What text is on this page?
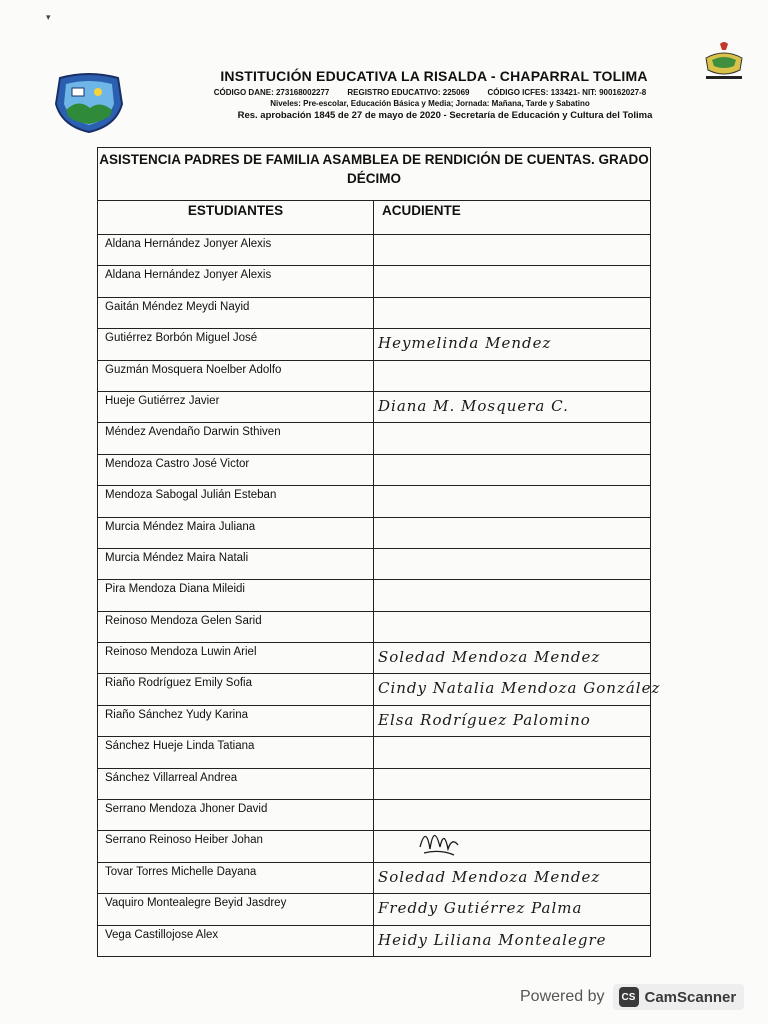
▾
INSTITUCIÓN EDUCATIVA LA RISALDA - CHAPARRAL TOLIMA
CÓDIGO DANE: 273168002277 REGISTRO EDUCATIVO: 225069 CÓDIGO ICFES: 133421- NIT: 900162027-8
Niveles: Pre-escolar, Educación Básica y Media; Jornada: Mañana, Tarde y Sabatino
Res. aprobación 1845 de 27 de mayo de 2020 - Secretaría de Educación y Cultura del Tolima
ASISTENCIA PADRES DE FAMILIA ASAMBLEA DE RENDICIÓN DE CUENTAS. GRADO DÉCIMO	
ESTUDIANTES	ACUDIENTE
Aldana Hernández Jonyer Alexis	
Aldana Hernández Jonyer Alexis	
Gaitán Méndez Meydi Nayid	
Gutiérrez Borbón Miguel José	Heymelinda Mendez

Guzmán Mosquera Noelber Adolfo	
Hueje Gutiérrez Javier	Diana M. Mosquera C.

Méndez Avendaño Darwin Sthiven	
Mendoza Castro José Victor	
Mendoza Sabogal Julián Esteban	
Murcia Méndez Maira Juliana	
Murcia Méndez Maira Natali	
Pira Mendoza Diana Mileidi	
Reinoso Mendoza Gelen Sarid	
Reinoso Mendoza Luwin Ariel	Soledad Mendoza Mendez

Riaño Rodríguez Emily Sofia	Cindy Natalia Mendoza González

Riaño Sánchez Yudy Karina	Elsa Rodríguez Palomino

Sánchez Hueje Linda Tatiana	
Sánchez Villarreal Andrea	
Serrano Mendoza Jhoner David	
Serrano Reinoso Heiber Johan	

Tovar Torres Michelle Dayana	Soledad Mendoza Mendez

Vaquiro Montealegre Beyid Jasdrey	Freddy Gutiérrez Palma

Vega Castillojose Alex	Heidy Liliana Montealegre
Powered by	CS CamScanner
